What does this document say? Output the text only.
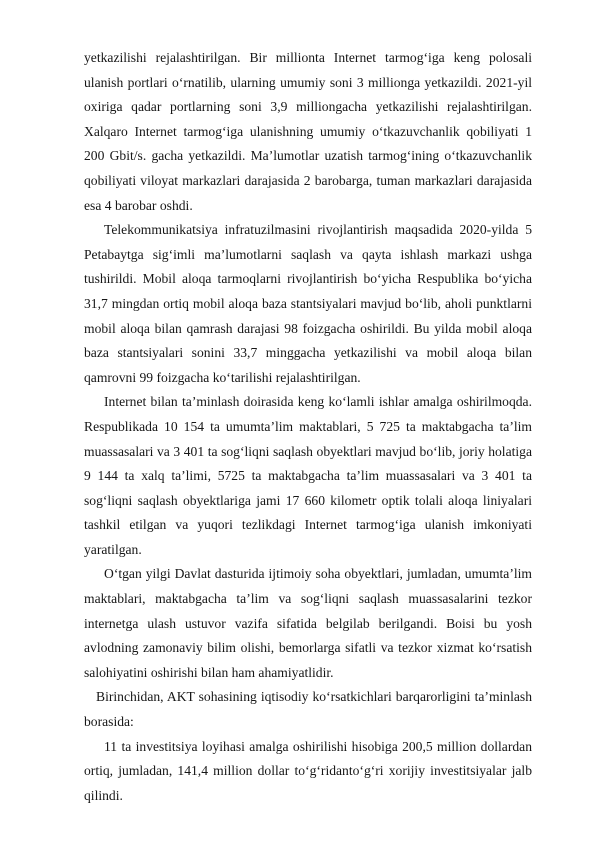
yetkazilishi rejalashtirilgan. Bir millionta Internet tarmog‘iga keng polosali ulanish portlari o‘rnatilib, ularning umumiy soni 3 millionga yetkazildi. 2021-yil oxiriga qadar portlarning soni 3,9 milliongacha yetkazilishi rejalashtirilgan. Xalqaro Internet tarmog‘iga ulanishning umumiy o‘tkazuvchanlik qobiliyati 1 200 Gbit/s. gacha yetkazildi. Ma’lumotlar uzatish tarmog‘ining o‘tkazuvchanlik qobiliyati viloyat markazlari darajasida 2 barobarga, tuman markazlari darajasida esa 4 barobar oshdi.

Telekommunikatsiya infratuzilmasini rivojlantirish maqsadida 2020-yilda 5 Petabaytga sig‘imli ma’lumotlarni saqlash va qayta ishlash markazi ushga tushirildi. Mobil aloqa tarmoqlarni rivojlantirish bo‘yicha Respublika bo‘yicha 31,7 mingdan ortiq mobil aloqa baza stantsiyalari mavjud bo‘lib, aholi punktlarni mobil aloqa bilan qamrash darajasi 98 foizgacha oshirildi. Bu yilda mobil aloqa baza stantsiyalari sonini 33,7 minggacha yetkazilishi va mobil aloqa bilan qamrovni 99 foizgacha ko‘tarilishi rejalashtirilgan.

Internet bilan ta’minlash doirasida keng ko‘lamli ishlar amalga oshirilmoqda. Respublikada 10 154 ta umumta’lim maktablari, 5 725 ta maktabgacha ta’lim muassasalari va 3 401 ta sog‘liqni saqlash obyektlari mavjud bo‘lib, joriy holatiga 9 144 ta xalq ta’limi, 5725 ta maktabgacha ta’lim muassasalari va 3 401 ta sog‘liqni saqlash obyektlariga jami 17 660 kilometr optik tolali aloqa liniyalari tashkil etilgan va yuqori tezlikdagi Internet tarmog‘iga ulanish imkoniyati yaratilgan.

O‘tgan yilgi Davlat dasturida ijtimoiy soha obyektlari, jumladan, umumta’lim maktablari, maktabgacha ta’lim va sog‘liqni saqlash muassasalarini tezkor internetga ulash ustuvor vazifa sifatida belgilab berilgandi. Boisi bu yosh avlodning zamonaviy bilim olishi, bemorlarga sifatli va tezkor xizmat ko‘rsatish salohiyatini oshirishi bilan ham ahamiyatlidir.

Birinchidan, AKT sohasining iqtisodiy ko‘rsatkichlari barqarorligini ta’minlash borasida:

11 ta investitsiya loyihasi amalga oshirilishi hisobiga 200,5 million dollardan ortiq, jumladan, 141,4 million dollar to‘g‘ridanto‘g‘ri xorijiy investitsiyalar jalb qilindi.
